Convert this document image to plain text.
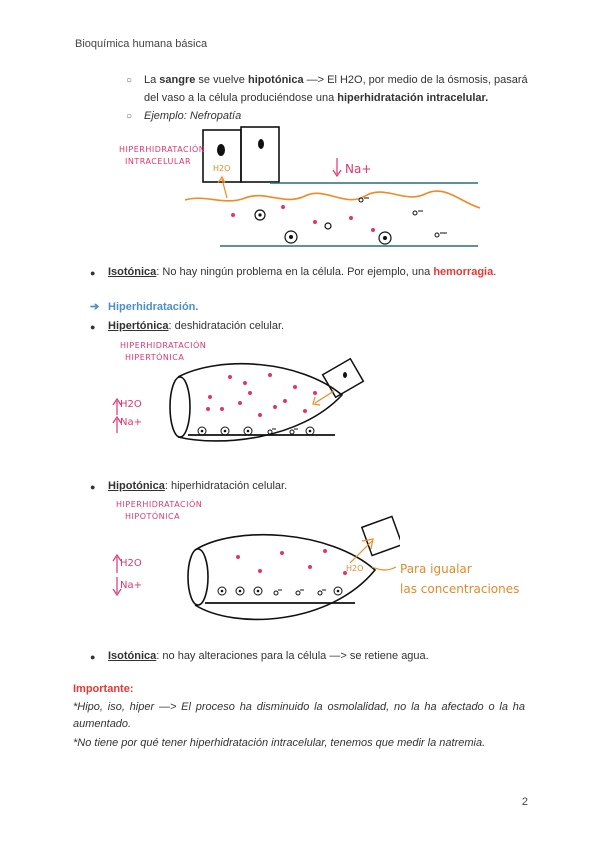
Bioquímica humana básica
○ La sangre se vuelve hipotónica —> El H2O, por medio de la ósmosis, pasará
del vaso a la célula produciéndose una hiperhidratación intracelular.
○ Ejemplo: Nefropatía
HIPERHIDRATACIÓN
INTRACELULAR
H2O	Na+
● Isotónica: No hay ningún problema en la célula. Por ejemplo, una hemorragia.
➔ Hiperhidratación.
● Hipertónica: deshidratación celular.
HIPERHIDRATACIÓN
HIPERTÓNICA
H2O
Na+
● Hipotónica: hiperhidratación celular.
HIPERHIDRATACIÓN
HIPOTÓNICA
H2O
Na+
H2O	Para igualar
las concentraciones
● Isotónica: no hay alteraciones para la célula —> se retiene agua.
Importante:
*Hipo, iso, hiper —> El proceso ha disminuido la osmolalidad, no la ha afectado o la ha aumentado.
*No tiene por qué tener hiperhidratación intracelular, tenemos que medir la natremia.
2
